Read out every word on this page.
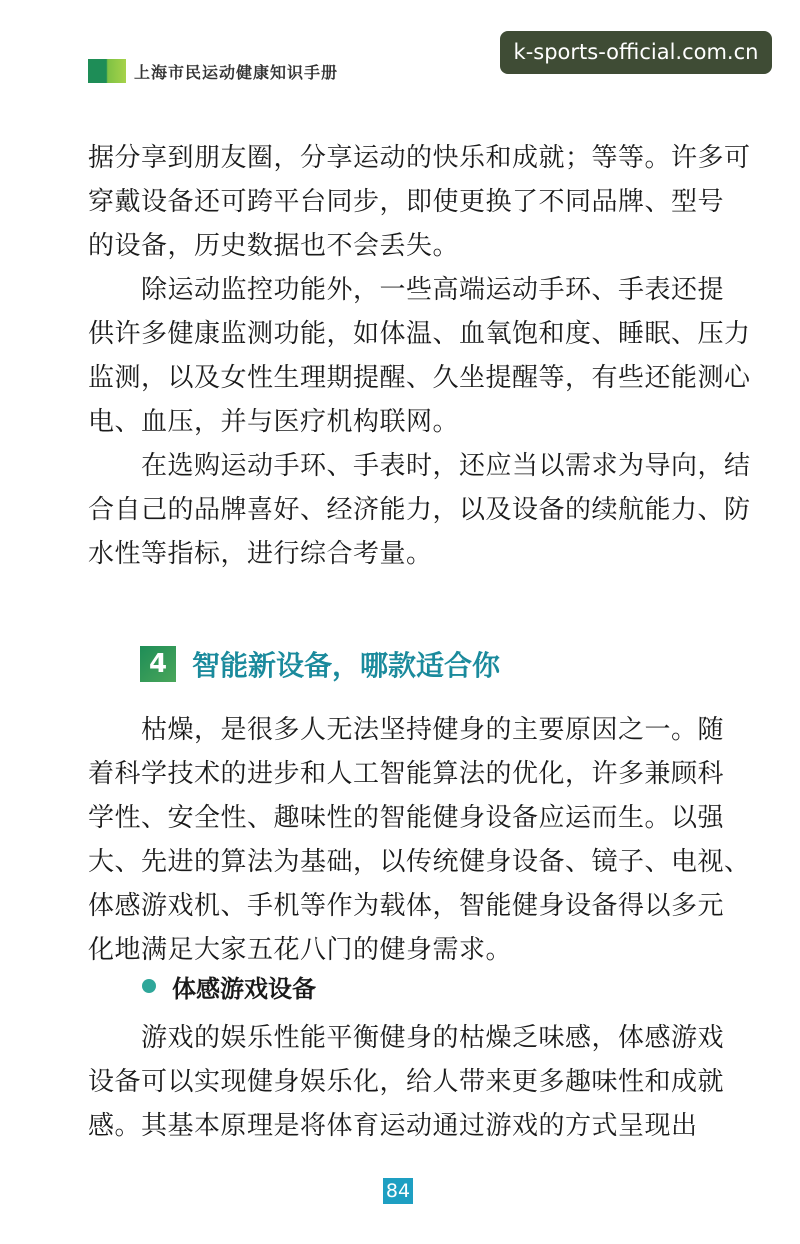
上海市民运动健康知识手册
k-sports-official.com.cn

据分享到朋友圈，分享运动的快乐和成就；等等。许多可
穿戴设备还可跨平台同步，即使更换了不同品牌、型号
的设备，历史数据也不会丢失。

　　除运动监控功能外，一些高端运动手环、手表还提
供许多健康监测功能，如体温、血氧饱和度、睡眠、压力
监测，以及女性生理期提醒、久坐提醒等，有些还能测心
电、血压，并与医疗机构联网。

　　在选购运动手环、手表时，还应当以需求为导向，结
合自己的品牌喜好、经济能力，以及设备的续航能力、防
水性等指标，进行综合考量。

4 智能新设备，哪款适合你

　　枯燥，是很多人无法坚持健身的主要原因之一。随
着科学技术的进步和人工智能算法的优化，许多兼顾科
学性、安全性、趣味性的智能健身设备应运而生。以强
大、先进的算法为基础，以传统健身设备、镜子、电视、
体感游戏机、手机等作为载体，智能健身设备得以多元
化地满足大家五花八门的健身需求。

体感游戏设备

　　游戏的娱乐性能平衡健身的枯燥乏味感，体感游戏
设备可以实现健身娱乐化，给人带来更多趣味性和成就
感。其基本原理是将体育运动通过游戏的方式呈现出

84
